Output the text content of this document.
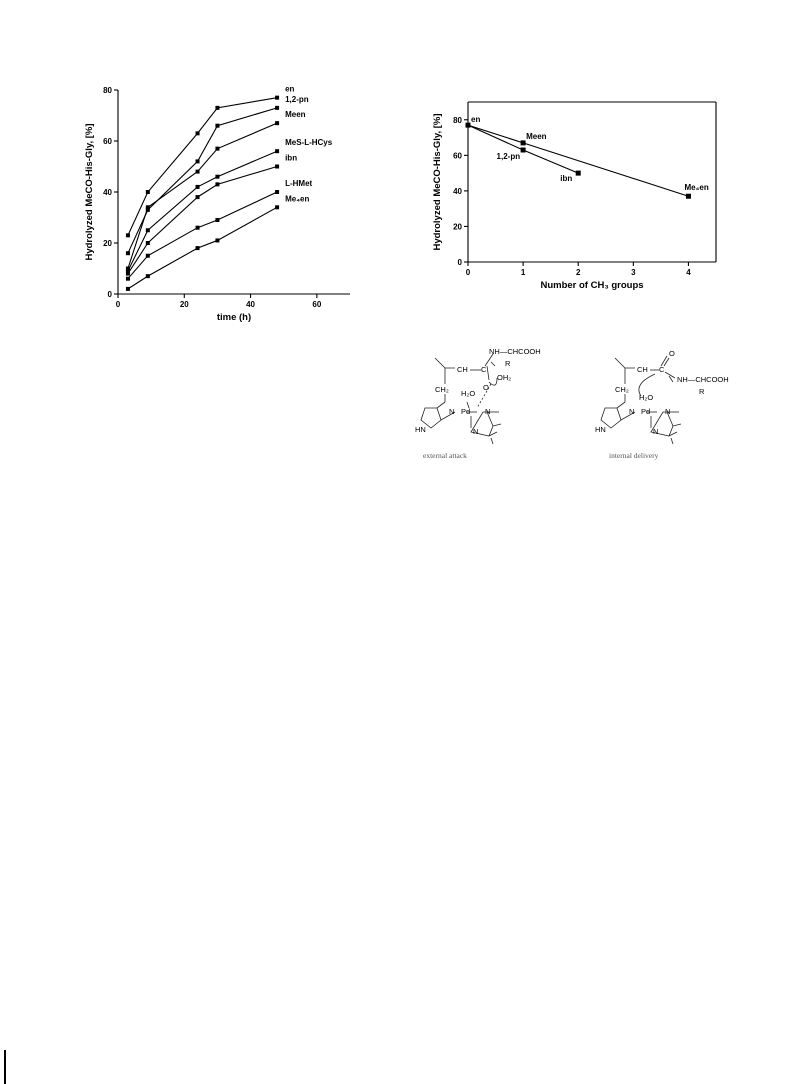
0	20	40	60
0
20
40
60
80
time (h)
Hydrolyzed MeCO-His-Gly, [%]
en
1,2-pn
Meen
MeS-L-HCys
ibn
L-HMet
Me₄en
0	1	2	3	4
0
20
40
60
80
Number of CH₃ groups
Hydrolyzed MeCO-His-Gly, [%]	en
Meen
1,2-pn
ibn
Me₄en
CH C
NH—CHCOOH
R
OH₂
O
CH₂ H₂O
N Pd N
N
HN
external attack
CH C
O
NH—CHCOOH
R
CH₂
H₂O
N Pd N
N
HN
internal delivery
